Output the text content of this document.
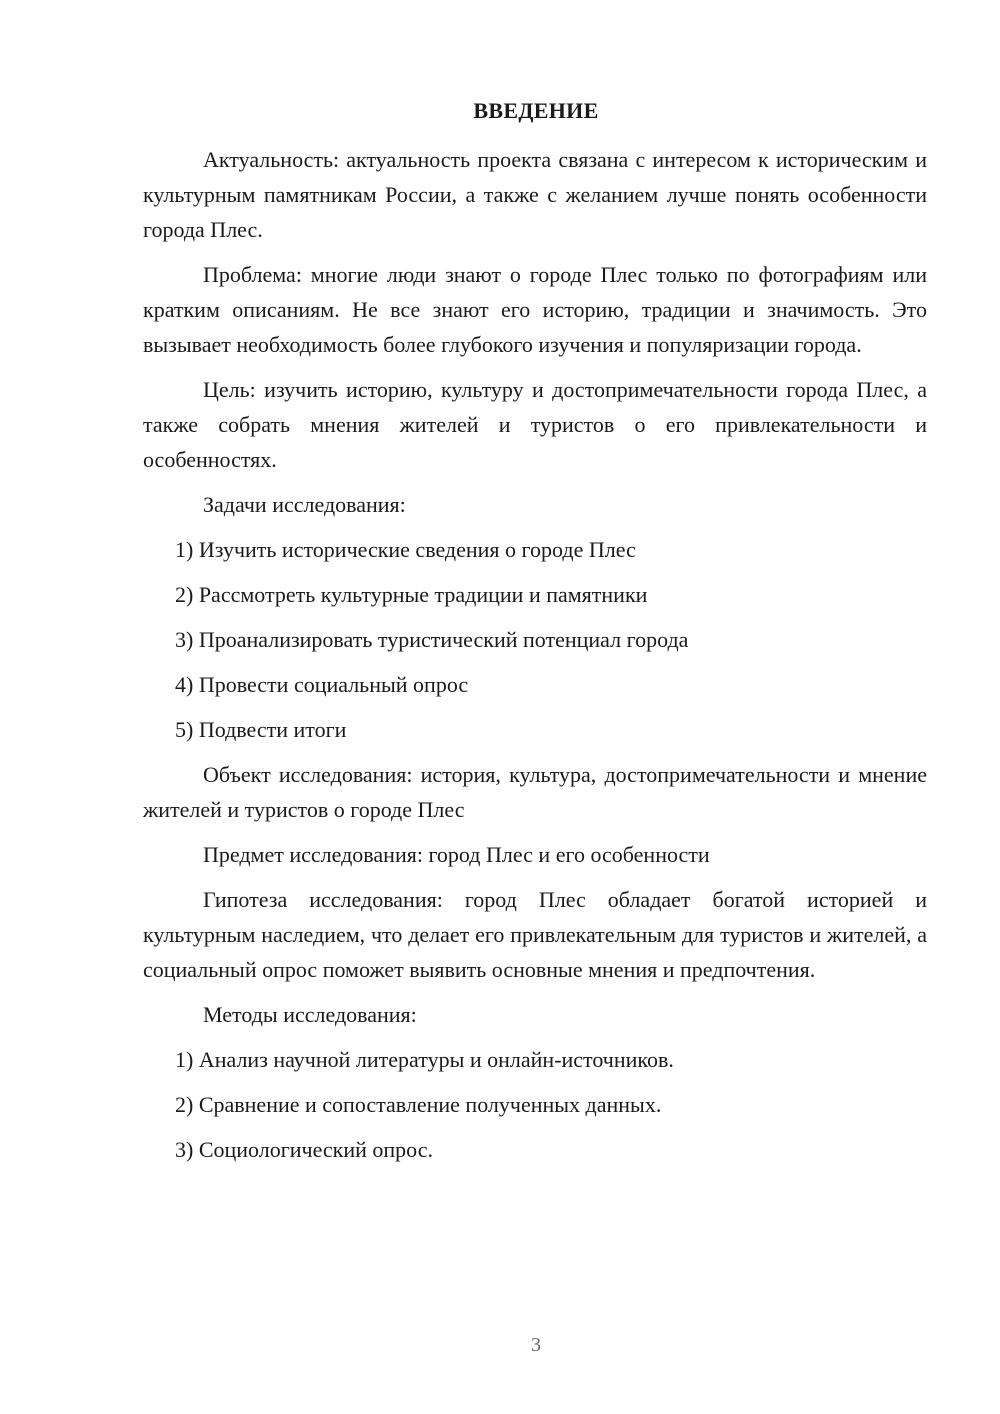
ВВЕДЕНИЕ

Актуальность: актуальность проекта связана с интересом к историческим и культурным памятникам России, а также с желанием лучше понять особенности города Плес.

Проблема: многие люди знают о городе Плес только по фотографиям или кратким описаниям. Не все знают его историю, традиции и значимость. Это вызывает необходимость более глубокого изучения и популяризации города.

Цель: изучить историю, культуру и достопримечательности города Плес, а также собрать мнения жителей и туристов о его привлекательности и особенностях.

Задачи исследования:

1) Изучить исторические сведения о городе Плес

2) Рассмотреть культурные традиции и памятники

3) Проанализировать туристический потенциал города

4) Провести социальный опрос

5) Подвести итоги

Объект исследования: история, культура, достопримечательности и мнение жителей и туристов о городе Плес

Предмет исследования: город Плес и его особенности

Гипотеза исследования: город Плес обладает богатой историей и культурным наследием, что делает его привлекательным для туристов и жителей, а социальный опрос поможет выявить основные мнения и предпочтения.

Методы исследования:

1) Анализ научной литературы и онлайн-источников.

2) Сравнение и сопоставление полученных данных.

3) Социологический опрос.

3
